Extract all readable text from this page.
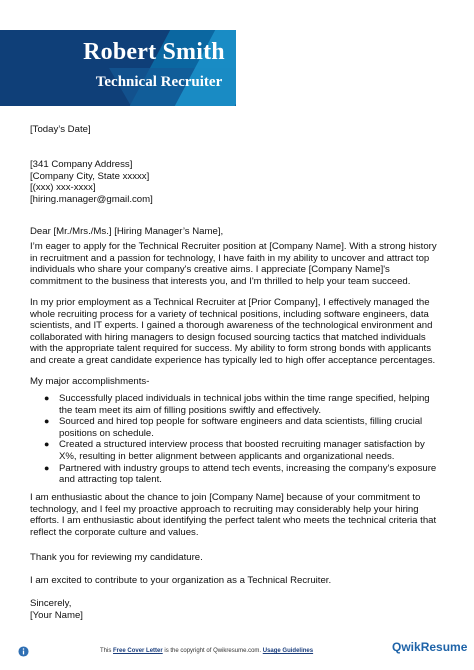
Robert Smith
Technical Recruiter
[Today’s Date]
[341 Company Address]
[Company City, State xxxxx]
[(xxx) xxx-xxxx]
[hiring.manager@gmail.com]
Dear [Mr./Mrs./Ms.] [Hiring Manager’s Name],
I’m eager to apply for the Technical Recruiter position at [Company Name]. With a strong history
in recruitment and a passion for technology, I have faith in my ability to uncover and attract top
individuals who share your company's creative aims. I appreciate [Company Name]'s
commitment to the business that interests you, and I'm thrilled to help your team succeed.
In my prior employment as a Technical Recruiter at [Prior Company], I effectively managed the
whole recruiting process for a variety of technical positions, including software engineers, data
scientists, and IT experts. I gained a thorough awareness of the technological environment and
collaborated with hiring managers to design focused sourcing tactics that matched individuals
with the appropriate talent required for success. My ability to form strong bonds with applicants
and create a great candidate experience has typically led to high offer acceptance percentages.
My major accomplishments-
● Successfully placed individuals in technical jobs within the time range specified, helping
the team meet its aim of filling positions swiftly and effectively.
● Sourced and hired top people for software engineers and data scientists, filling crucial
positions on schedule.
● Created a structured interview process that boosted recruiting manager satisfaction by
X%, resulting in better alignment between applicants and organizational needs.
● Partnered with industry groups to attend tech events, increasing the company's exposure
and attracting top talent.
I am enthusiastic about the chance to join [Company Name] because of your commitment to
technology, and I feel my proactive approach to recruiting may considerably help your hiring
efforts. I am enthusiastic about identifying the perfect talent who meets the technical criteria that
reflect the corporate culture and values.
Thank you for reviewing my candidature.
I am excited to contribute to your organization as a Technical Recruiter.
Sincerely,
[Your Name]
This Free Cover Letter is the copyright of Qwikresume.com. Usage Guidelines	QwikResume
